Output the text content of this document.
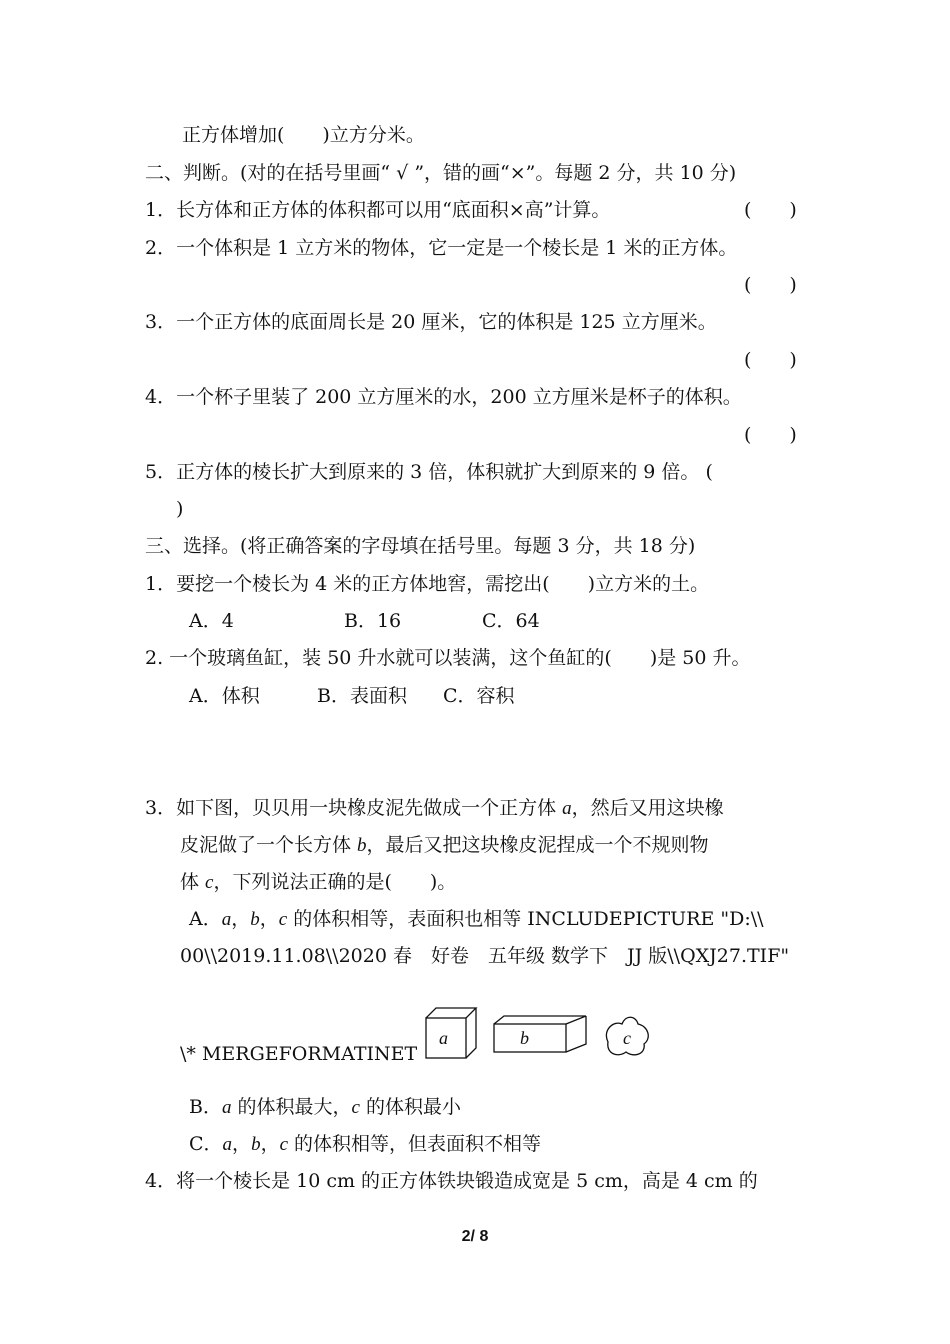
正方体增加(　　)立方分米。
二、判断。(对的在括号里画“ √ ”，错的画“×”。每题 2 分，共 10 分)
1．长方体和正方体的体积都可以用“底面积×高”计算。	(　　)
2．一个体积是 1 立方米的物体，它一定是一个棱长是 1 米的正方体。
(　　)
3．一个正方体的底面周长是 20 厘米，它的体积是 125 立方厘米。
(　　)
4．一个杯子里装了 200 立方厘米的水，200 立方厘米是杯子的体积。
(　　)
5．正方体的棱长扩大到原来的 3 倍，体积就扩大到原来的 9 倍。 (
)
三、选择。(将正确答案的字母填在括号里。每题 3 分，共 18 分)
1．要挖一个棱长为 4 米的正方体地窖，需挖出(　　)立方米的土。
A．4	B．16	C．64
2. 一个玻璃鱼缸，装 50 升水就可以装满，这个鱼缸的(　　)是 50 升。
A．体积	B．表面积 C．容积
3．如下图，贝贝用一块橡皮泥先做成一个正方体 a，然后又用这块橡
皮泥做了一个长方体 b，最后又把这块橡皮泥捏成一个不规则物
体 c，下列说法正确的是(　　)。
A．a，b，c 的体积相等，表面积也相等 INCLUDEPICTURE "D:\\
00\\2019.11.08\\2020 春　好卷　五年级 数学下　JJ 版\\QXJ27.TIF"
\* MERGEFORMATINET
a	b	c
B．a 的体积最大，c 的体积最小
C．a，b，c 的体积相等，但表面积不相等
4．将一个棱长是 10 cm 的正方体铁块锻造成宽是 5 cm，高是 4 cm 的
2/ 8
